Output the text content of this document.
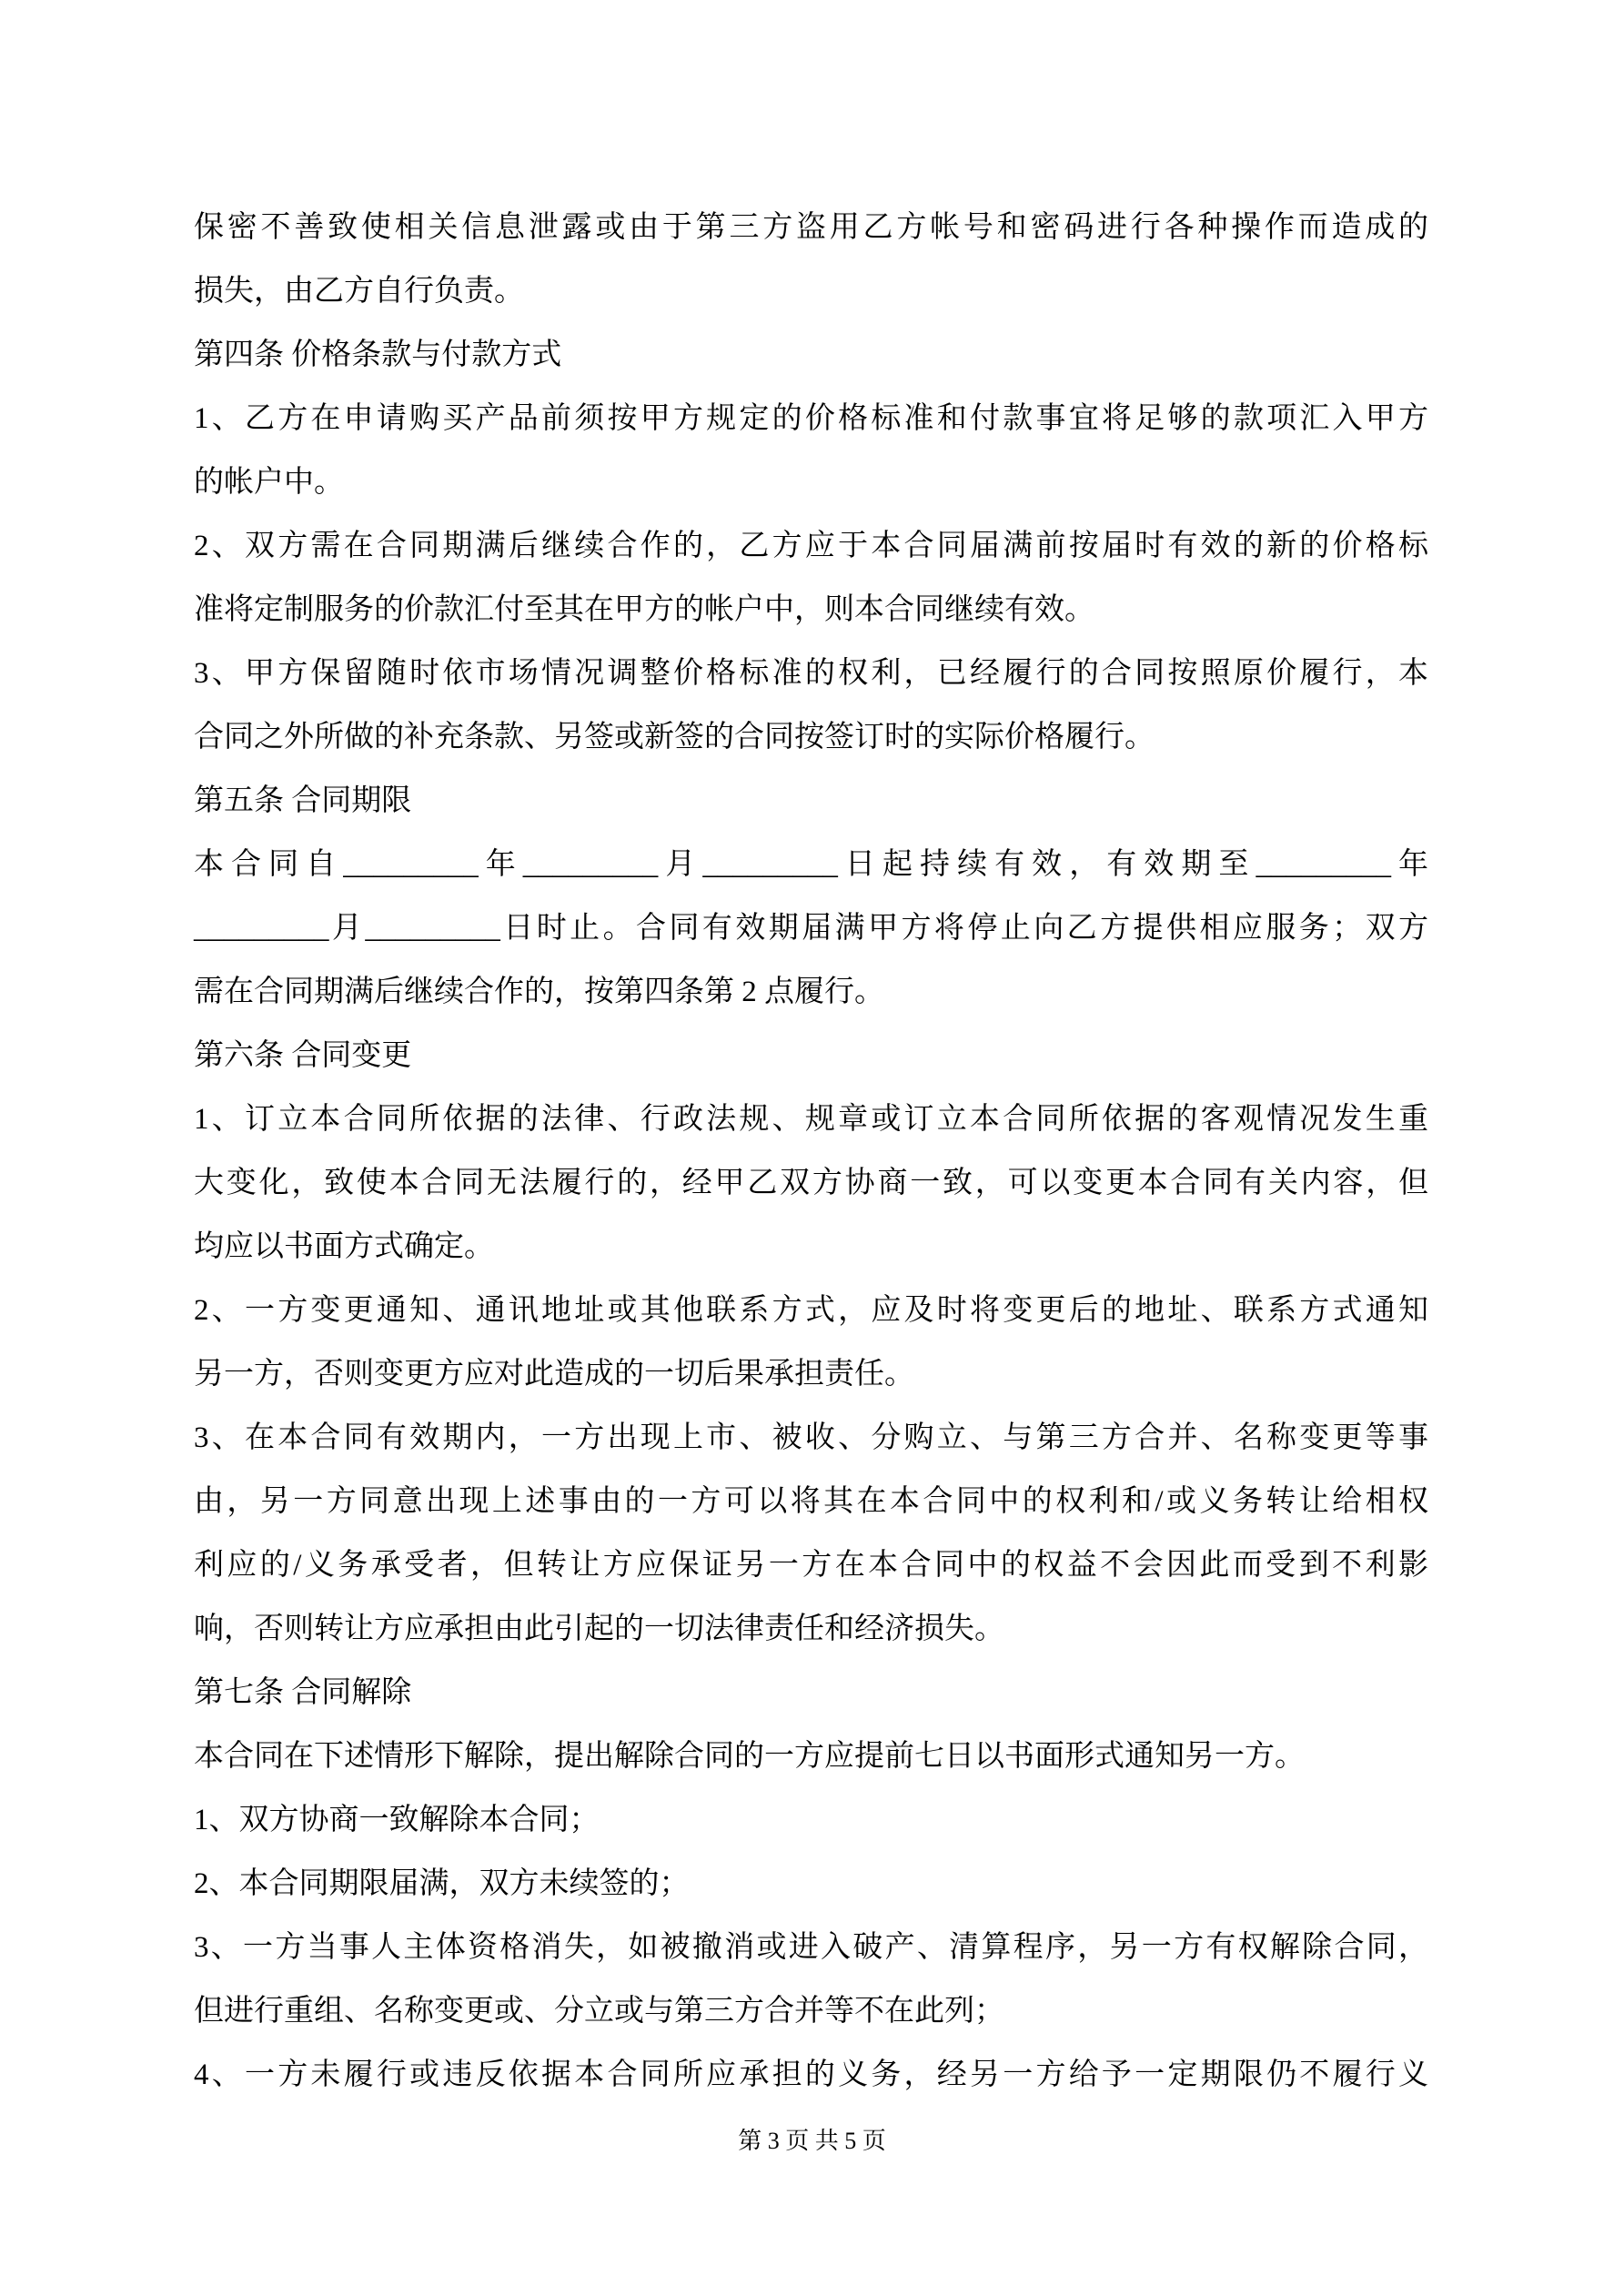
保密不善致使相关信息泄露或由于第三方盗用乙方帐号和密码进行各种操作而造成的
损失，由乙方自行负责。
第四条 价格条款与付款方式
1、乙方在申请购买产品前须按甲方规定的价格标准和付款事宜将足够的款项汇入甲方
的帐户中。
2、双方需在合同期满后继续合作的，乙方应于本合同届满前按届时有效的新的价格标
准将定制服务的价款汇付至其在甲方的帐户中，则本合同继续有效。
3、甲方保留随时依市场情况调整价格标准的权利，已经履行的合同按照原价履行，本
合同之外所做的补充条款、另签或新签的合同按签订时的实际价格履行。
第五条 合同期限
本合同自_________年_________月_________日起持续有效，有效期至_________年
_________月_________日时止。合同有效期届满甲方将停止向乙方提供相应服务；双方
需在合同期满后继续合作的，按第四条第 2 点履行。
第六条 合同变更
1、订立本合同所依据的法律、行政法规、规章或订立本合同所依据的客观情况发生重
大变化，致使本合同无法履行的，经甲乙双方协商一致，可以变更本合同有关内容，但
均应以书面方式确定。
2、一方变更通知、通讯地址或其他联系方式，应及时将变更后的地址、联系方式通知
另一方，否则变更方应对此造成的一切后果承担责任。
3、在本合同有效期内，一方出现上市、被收、分购立、与第三方合并、名称变更等事
由，另一方同意出现上述事由的一方可以将其在本合同中的权利和/或义务转让给相权
利应的/义务承受者，但转让方应保证另一方在本合同中的权益不会因此而受到不利影
响，否则转让方应承担由此引起的一切法律责任和经济损失。
第七条 合同解除
本合同在下述情形下解除，提出解除合同的一方应提前七日以书面形式通知另一方。
1、双方协商一致解除本合同；
2、本合同期限届满，双方未续签的；
3、一方当事人主体资格消失，如被撤消或进入破产、清算程序，另一方有权解除合同，
但进行重组、名称变更或、分立或与第三方合并等不在此列；
4、一方未履行或违反依据本合同所应承担的义务，经另一方给予一定期限仍不履行义
第 3 页 共 5 页
